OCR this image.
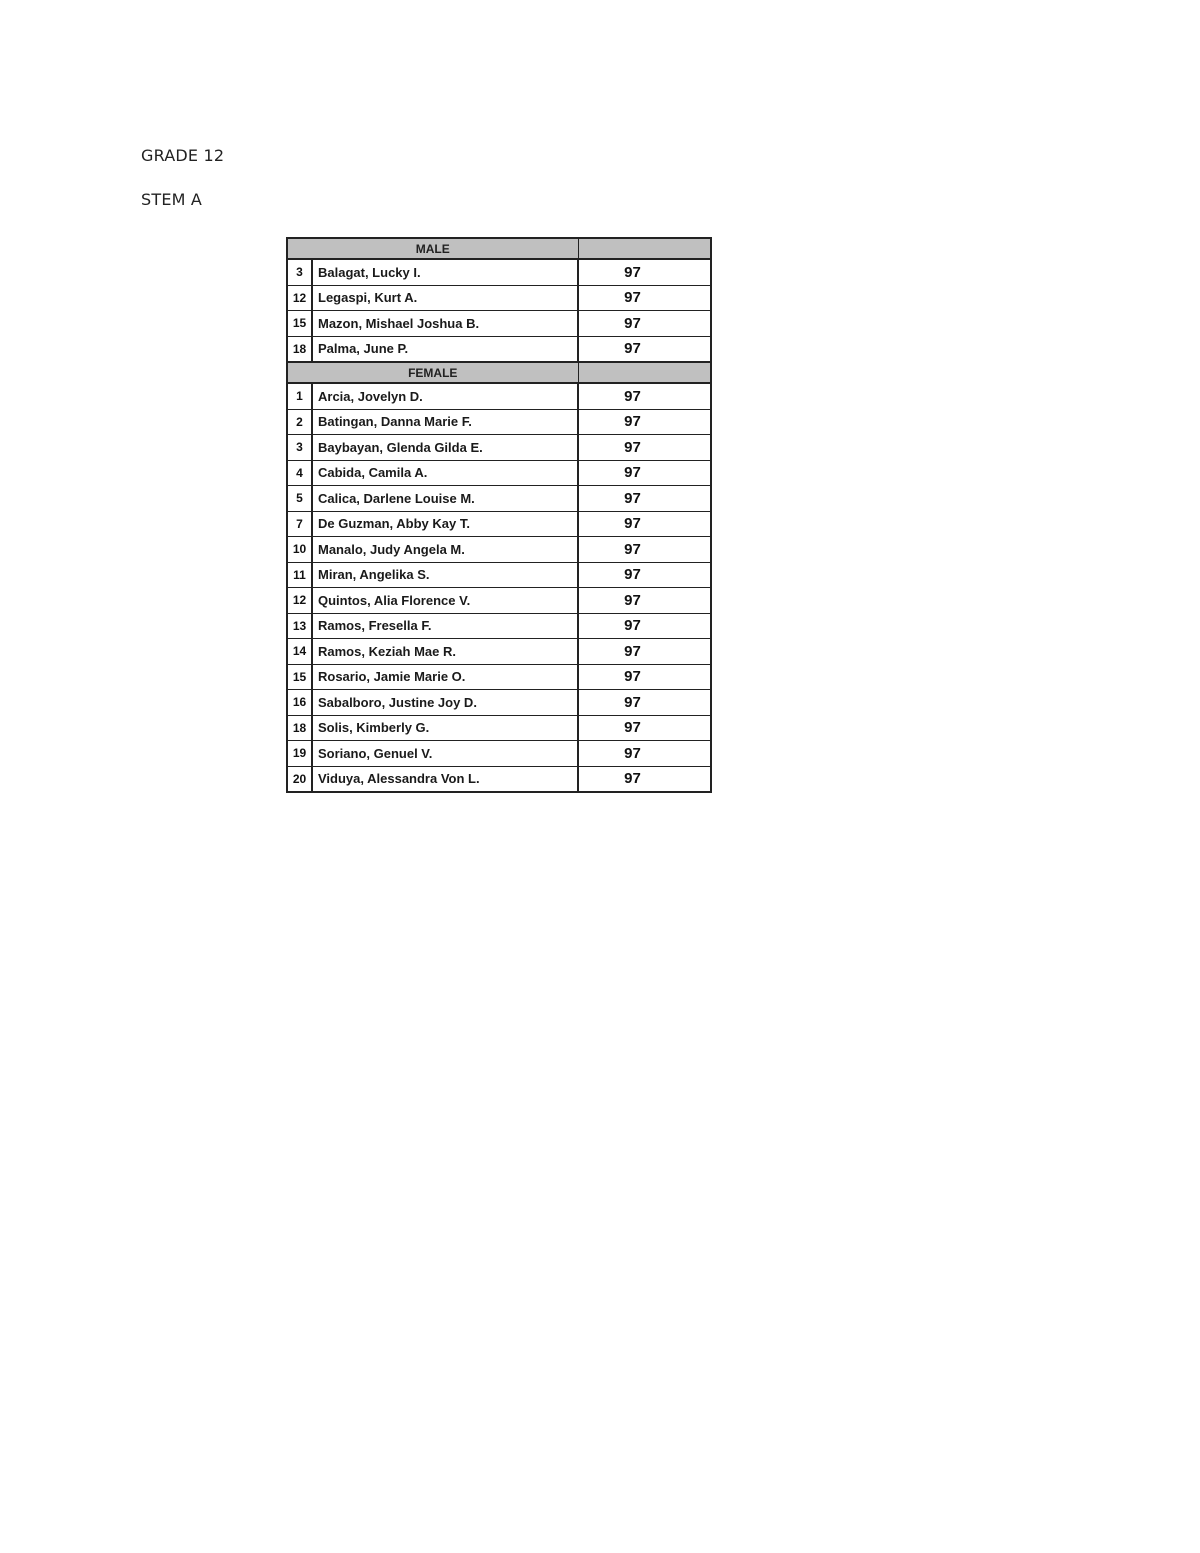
GRADE 12
STEM A
MALE		
3	Balagat, Lucky I.	97
12	Legaspi, Kurt A.	97
15	Mazon, Mishael Joshua B.	97
18	Palma, June P.	97
FEMALE		
1	Arcia, Jovelyn D.	97
2	Batingan, Danna Marie F.	97
3	Baybayan, Glenda Gilda E.	97
4	Cabida, Camila A.	97
5	Calica, Darlene Louise M.	97
7	De Guzman, Abby Kay T.	97
10	Manalo, Judy Angela M.	97
11	Miran, Angelika S.	97
12	Quintos, Alia Florence V.	97
13	Ramos, Fresella F.	97
14	Ramos, Keziah Mae R.	97
15	Rosario, Jamie Marie O.	97
16	Sabalboro, Justine Joy D.	97
18	Solis, Kimberly G.	97
19	Soriano, Genuel V.	97
20	Viduya, Alessandra Von L.	97
